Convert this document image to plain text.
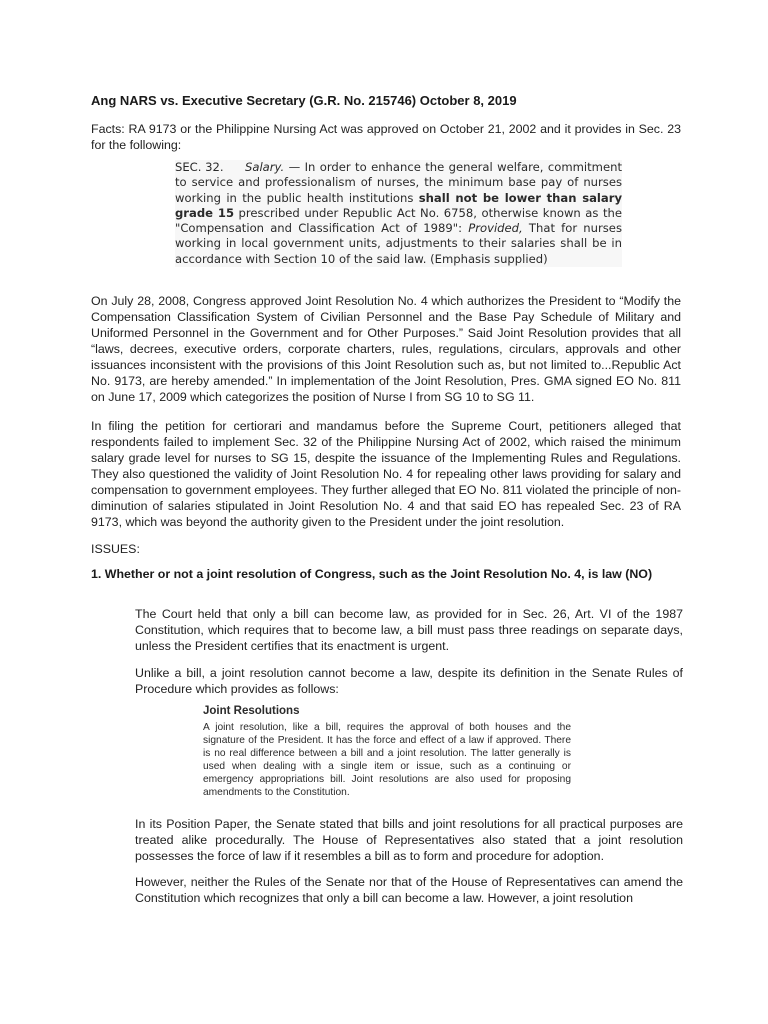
Ang NARS vs. Executive Secretary (G.R. No. 215746) October 8, 2019

Facts: RA 9173 or the Philippine Nursing Act was approved on October 21, 2002 and it provides in Sec. 23 for the following:

SEC. 32. Salary. — In order to enhance the general welfare, commitment to service and professionalism of nurses, the minimum base pay of nurses working in the public health institutions shall not be lower than salary grade 15 prescribed under Republic Act No. 6758, otherwise known as the "Compensation and Classification Act of 1989": Provided, That for nurses working in local government units, adjustments to their salaries shall be in accordance with Section 10 of the said law. (Emphasis supplied)

On July 28, 2008, Congress approved Joint Resolution No. 4 which authorizes the President to “Modify the Compensation Classification System of Civilian Personnel and the Base Pay Schedule of Military and Uniformed Personnel in the Government and for Other Purposes.” Said Joint Resolution provides that all “laws, decrees, executive orders, corporate charters, rules, regulations, circulars, approvals and other issuances inconsistent with the provisions of this Joint Resolution such as, but not limited to...Republic Act No. 9173, are hereby amended.” In implementation of the Joint Resolution, Pres. GMA signed EO No. 811 on June 17, 2009 which categorizes the position of Nurse I from SG 10 to SG 11.

In filing the petition for certiorari and mandamus before the Supreme Court, petitioners alleged that respondents failed to implement Sec. 32 of the Philippine Nursing Act of 2002, which raised the minimum salary grade level for nurses to SG 15, despite the issuance of the Implementing Rules and Regulations. They also questioned the validity of Joint Resolution No. 4 for repealing other laws providing for salary and compensation to government employees. They further alleged that EO No. 811 violated the principle of non-diminution of salaries stipulated in Joint Resolution No. 4 and that said EO has repealed Sec. 23 of RA 9173, which was beyond the authority given to the President under the joint resolution.

ISSUES:

1. Whether or not a joint resolution of Congress, such as the Joint Resolution No. 4, is law (NO)

The Court held that only a bill can become law, as provided for in Sec. 26, Art. VI of the 1987 Constitution, which requires that to become law, a bill must pass three readings on separate days, unless the President certifies that its enactment is urgent.

Unlike a bill, a joint resolution cannot become a law, despite its definition in the Senate Rules of Procedure which provides as follows:

Joint Resolutions

A joint resolution, like a bill, requires the approval of both houses and the signature of the President. It has the force and effect of a law if approved. There is no real difference between a bill and a joint resolution. The latter generally is used when dealing with a single item or issue, such as a continuing or emergency appropriations bill. Joint resolutions are also used for proposing amendments to the Constitution.

In its Position Paper, the Senate stated that bills and joint resolutions for all practical purposes are treated alike procedurally. The House of Representatives also stated that a joint resolution possesses the force of law if it resembles a bill as to form and procedure for adoption.

However, neither the Rules of the Senate nor that of the House of Representatives can amend the Constitution which recognizes that only a bill can become a law. However, a joint resolution
